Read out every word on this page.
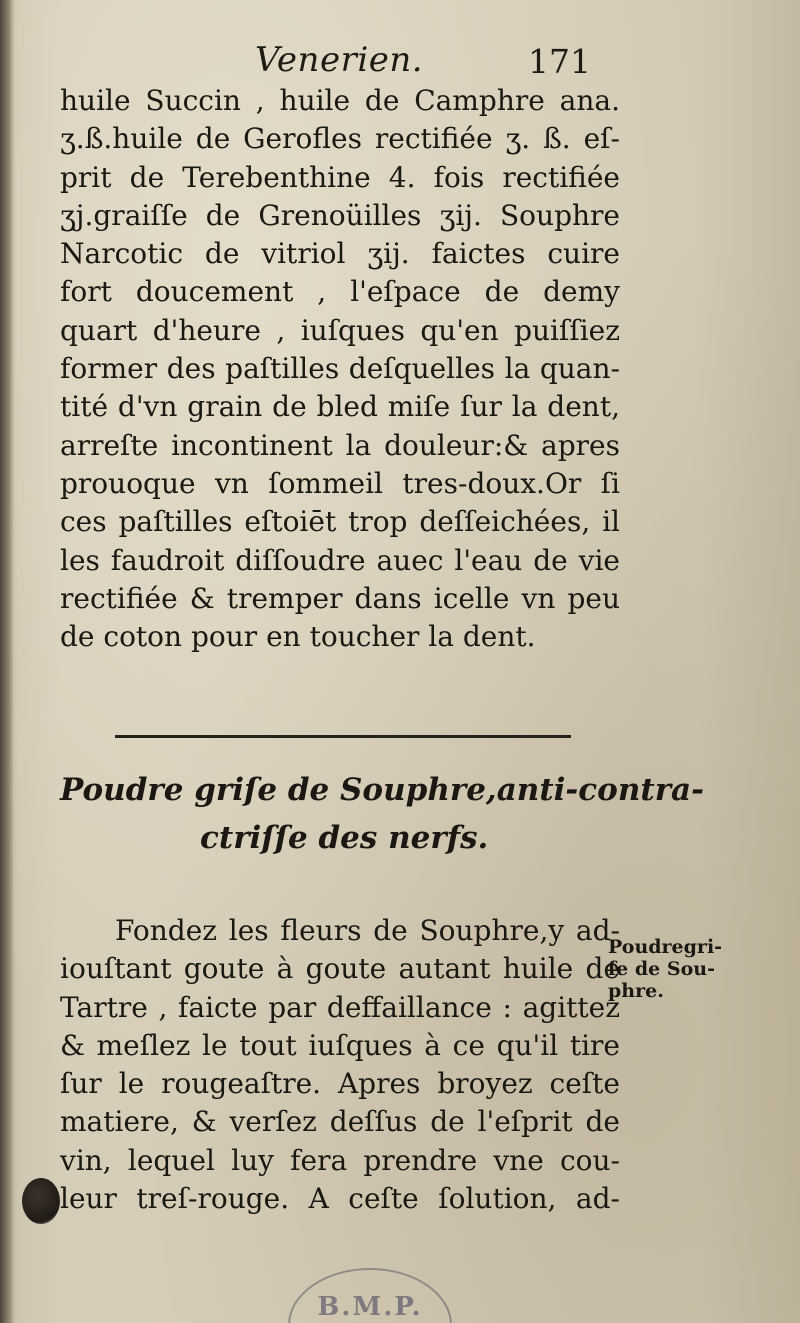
Venerien.	171
huile Succin , huile de Camphre ana.
ʒ.ß.huile de Gerofles rectifiée ʒ. ß. eſ-
prit de Terebenthine 4. fois rectifiée
ʒj.graiſſe de Grenoüilles ʒij. Souphre
Narcotic de vitriol ʒij. faictes cuire
fort doucement , l'eſpace de demy
quart d'heure , iuſques qu'en puiſſiez
former des paſtilles deſquelles la quan-
tité d'vn grain de bled miſe ſur la dent,
arreſte incontinent la douleur:& apres
prouoque vn ſommeil tres-doux.Or ſi
ces paſtilles eſtoiēt trop deſſeichées, il
les faudroit diſſoudre auec l'eau de vie
rectifiée & tremper dans icelle vn peu
de coton pour en toucher la dent.
Poudre griſe de Souphre,anti-contra-
ctriſſe des nerfs.
Fondez les fleurs de Souphre,y ad-
iouſtant goute à goute autant huile de
Tartre , faicte par deffaillance : agittez
& meſlez le tout iuſques à ce qu'il tire
ſur le rougeaſtre. Apres broyez ceſte
matiere, & verſez deſſus de l'eſprit de
vin, lequel luy fera prendre vne cou-
leur treſ-rouge. A ceſte ſolution, ad-
Poudregri-
ſe de Sou-
phre.
B.M.P.
